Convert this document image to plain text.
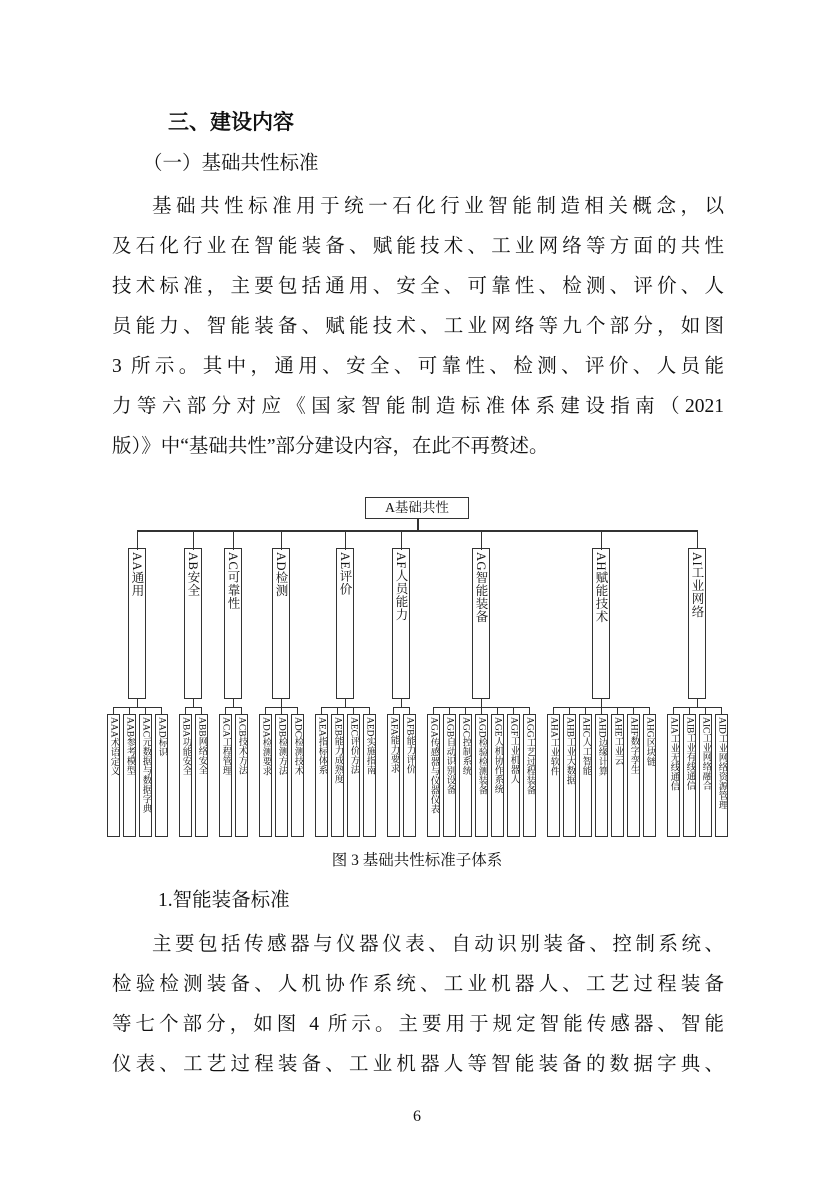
三、建设内容
（一）基础共性标准
基础共性标准用于统一石化行业智能制造相关概念，以
及石化行业在智能装备、赋能技术、工业网络等方面的共性
技术标准，主要包括通用、安全、可靠性、检测、评价、人
员能力、智能装备、赋能技术、工业网络等九个部分，如图
3 所示。其中，通用、安全、可靠性、检测、评价、人员能
力等六部分对应《国家智能制造标准体系建设指南（2021
版）》中“基础共性”部分建设内容，在此不再赘述。
A基础共性
AA通用
AAA术语定义 AAB参考模型 AAC元数据与数据字典 AAD标识
AB安全
ABA功能安全 ABB网络安全
AC可靠性
ACA工程管理 ACB技术方法
AD检测
ADA检测要求 ADB检测方法 ADC检测技术
AE评价
AEA指标体系 AEB能力成熟度 AEC评价方法 AED实施指南
AF人员能力
AFA能力要求 AFB能力评价
AG智能装备
AGA传感器与仪器仪表 AGB自动识别设备 AGC控制系统 AGD检验检测装备 AGE人机协作系统 AGF工业机器人 AGG工艺过程装备
AH赋能技术
AHA工业软件 AHB工业大数据 AHC人工智能 AHD边缘计算 AHE工业云 AHF数字孪生 AHG区块链
AI工业网络
AIA工业无线通信 AIB工业有线通信 AIC工业网络融合 AID工业网络资源管理
图 3 基础共性标准子体系
1.智能装备标准
主要包括传感器与仪器仪表、自动识别装备、控制系统、
检验检测装备、人机协作系统、工业机器人、工艺过程装备
等七个部分，如图 4 所示。主要用于规定智能传感器、智能
仪表、工艺过程装备、工业机器人等智能装备的数据字典、
6
